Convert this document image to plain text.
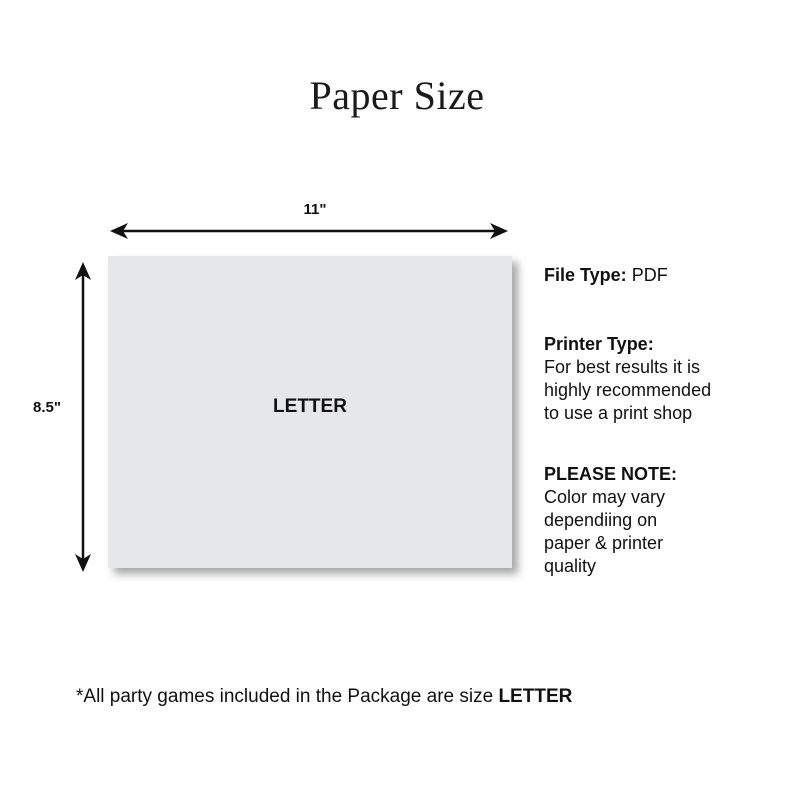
Paper Size
11"
8.5"	LETTER
File Type: PDF
Printer Type:
For best results it is
highly recommended
to use a print shop
PLEASE NOTE:
Color may vary
dependiing on
paper & printer
quality
*All party games included in the Package are size LETTER
